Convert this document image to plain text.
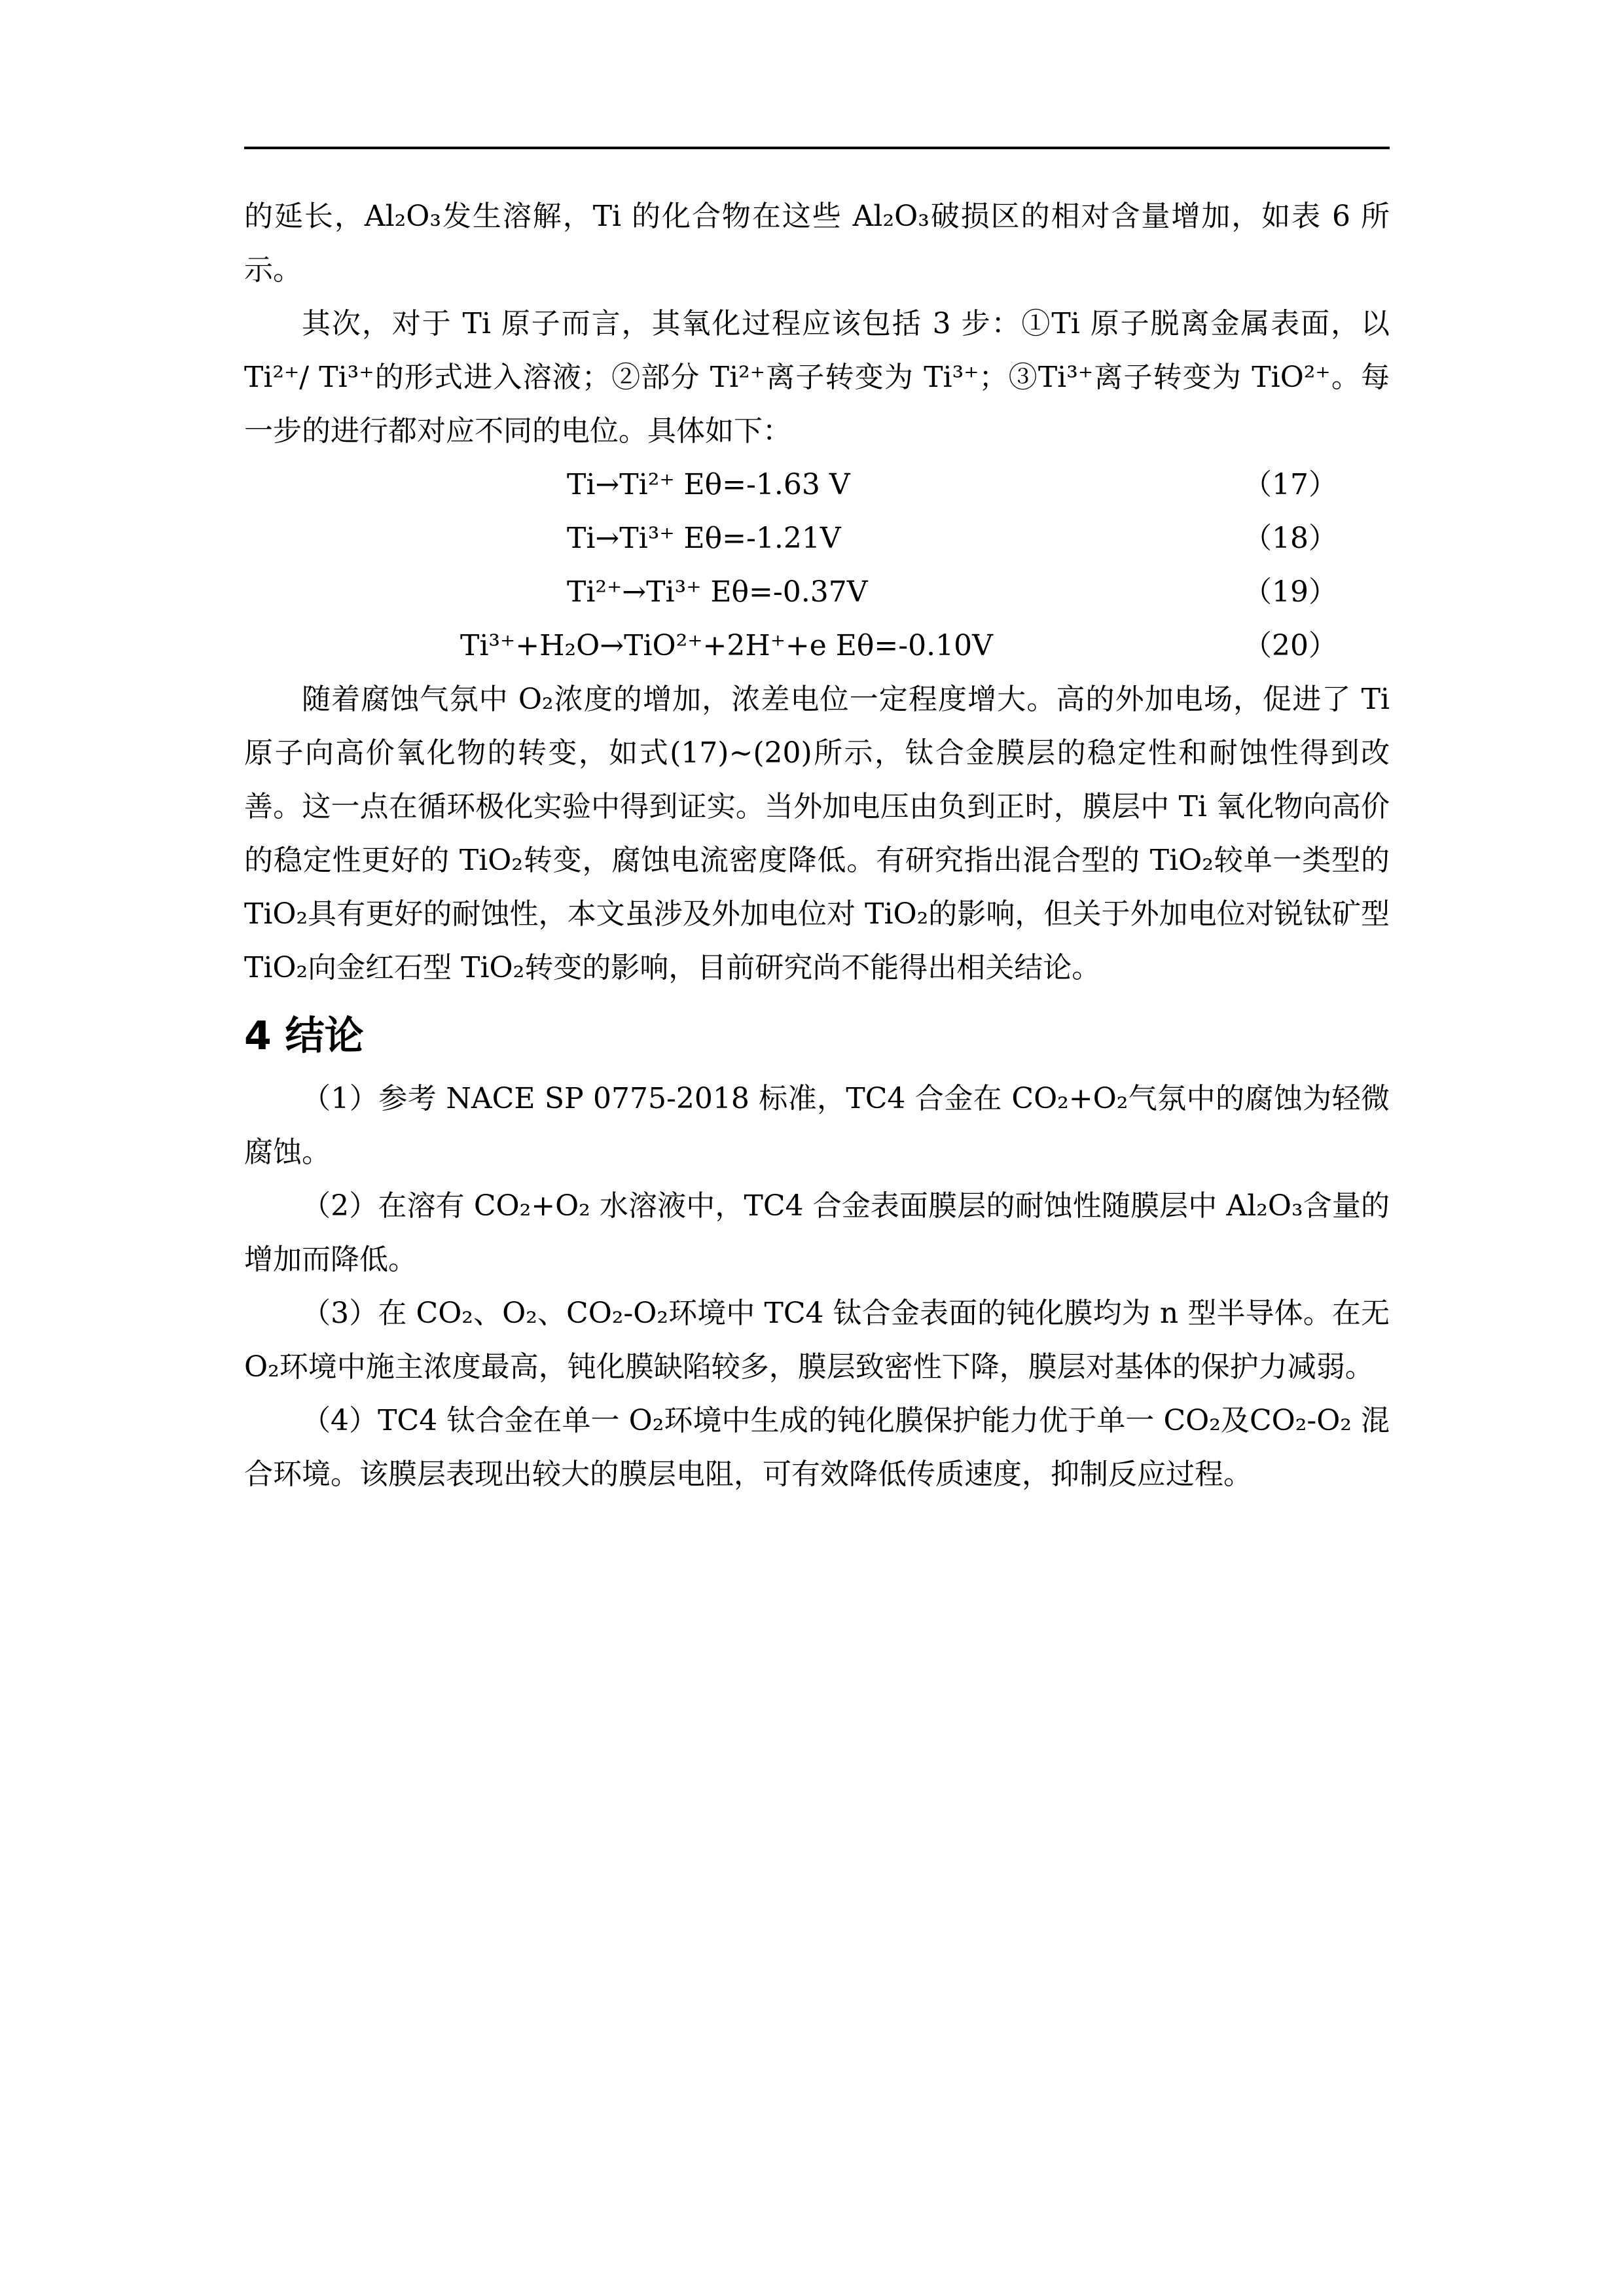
的延长，Al₂O₃发生溶解，Ti 的化合物在这些 Al₂O₃破损区的相对含量增加，如表 6 所示。

其次，对于 Ti 原子而言，其氧化过程应该包括 3 步：①Ti 原子脱离金属表面，以 Ti²⁺/ Ti³⁺的形式进入溶液；②部分 Ti²⁺离子转变为 Ti³⁺；③Ti³⁺离子转变为 TiO²⁺。每一步的进行都对应不同的电位。具体如下：

Ti→Ti²⁺ Eθ=-1.63 V	（17）
Ti→Ti³⁺ Eθ=-1.21V	（18）
Ti²⁺→Ti³⁺ Eθ=-0.37V	（19）
Ti³⁺+H₂O→TiO²⁺+2H⁺+e Eθ=-0.10V	（20）

随着腐蚀气氛中 O₂浓度的增加，浓差电位一定程度增大。高的外加电场，促进了 Ti 原子向高价氧化物的转变，如式(17)~(20)所示，钛合金膜层的稳定性和耐蚀性得到改善。这一点在循环极化实验中得到证实。当外加电压由负到正时，膜层中 Ti 氧化物向高价的稳定性更好的 TiO₂转变，腐蚀电流密度降低。有研究指出混合型的 TiO₂较单一类型的 TiO₂具有更好的耐蚀性，本文虽涉及外加电位对 TiO₂的影响，但关于外加电位对锐钛矿型 TiO₂向金红石型 TiO₂转变的影响，目前研究尚不能得出相关结论。

4 结论

（1）参考 NACE SP 0775-2018 标准，TC4 合金在 CO₂+O₂气氛中的腐蚀为轻微腐蚀。

（2）在溶有 CO₂+O₂ 水溶液中，TC4 合金表面膜层的耐蚀性随膜层中 Al₂O₃含量的增加而降低。

（3）在 CO₂、O₂、CO₂-O₂环境中 TC4 钛合金表面的钝化膜均为 n 型半导体。在无 O₂环境中施主浓度最高，钝化膜缺陷较多，膜层致密性下降，膜层对基体的保护力减弱。

（4）TC4 钛合金在单一 O₂环境中生成的钝化膜保护能力优于单一 CO₂及CO₂-O₂ 混合环境。该膜层表现出较大的膜层电阻，可有效降低传质速度，抑制反应过程。
